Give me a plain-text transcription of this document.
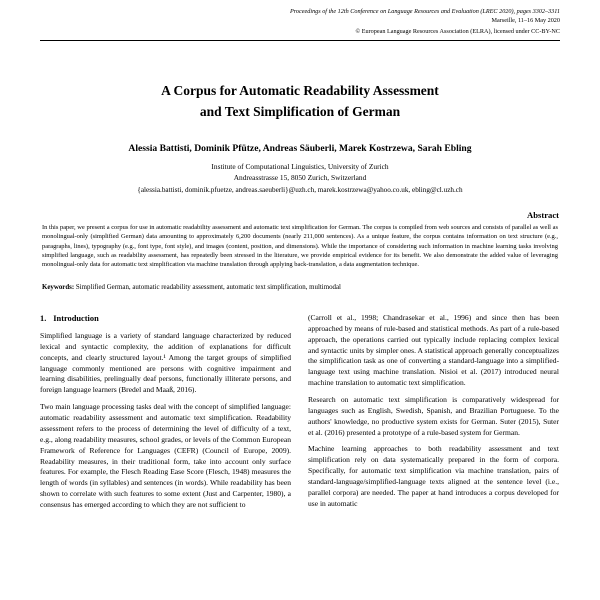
Proceedings of the 12th Conference on Language Resources and Evaluation (LREC 2020), pages 3302–3311
Marseille, 11–16 May 2020
© European Language Resources Association (ELRA), licensed under CC-BY-NC
A Corpus for Automatic Readability Assessment
and Text Simplification of German
Alessia Battisti, Dominik Pfütze, Andreas Säuberli, Marek Kostrzewa, Sarah Ebling
Institute of Computational Linguistics, University of Zurich
Andreasstrasse 15, 8050 Zurich, Switzerland
{alessia.battisti, dominik.pfuetze, andreas.saeuberli}@uzh.ch, marek.kostrzewa@yahoo.co.uk, ebling@cl.uzh.ch
Abstract
In this paper, we present a corpus for use in automatic readability assessment and automatic text simplification for German. The corpus is compiled from web sources and consists of parallel as well as monolingual-only (simplified German) data amounting to approximately 6,200 documents (nearly 211,000 sentences). As a unique feature, the corpus contains information on text structure (e.g., paragraphs, lines), typography (e.g., font type, font style), and images (content, position, and dimensions). While the importance of considering such information in machine learning tasks involving simplified language, such as readability assessment, has repeatedly been stressed in the literature, we provide empirical evidence for its benefit. We also demonstrate the added value of leveraging monolingual-only data for automatic text simplification via machine translation through applying back-translation, a data augmentation technique.
Keywords: Simplified German, automatic readability assessment, automatic text simplification, multimodal
1. Introduction

Simplified language is a variety of standard language characterized by reduced lexical and syntactic complexity, the addition of explanations for difficult concepts, and clearly structured layout.¹ Among the target groups of simplified language commonly mentioned are persons with cognitive impairment and learning disabilities, prelingually deaf persons, functionally illiterate persons, and foreign language learners (Bredel and Maaß, 2016).

Two main language processing tasks deal with the concept of simplified language: automatic readability assessment and automatic text simplification. Readability assessment refers to the process of determining the level of difficulty of a text, e.g., along readability measures, school grades, or levels of the Common European Framework of Reference for Languages (CEFR) (Council of Europe, 2009). Readability measures, in their traditional form, take into account only surface features. For example, the Flesch Reading Ease Score (Flesch, 1948) measures the length of words (in syllables) and sentences (in words). While readability has been shown to correlate with such features to some extent (Just and Carpenter, 1980), a consensus has emerged according to which they are not sufficient to

(Carroll et al., 1998; Chandrasekar et al., 1996) and since then has been approached by means of rule-based and statistical methods. As part of a rule-based approach, the operations carried out typically include replacing complex lexical and syntactic units by simpler ones. A statistical approach generally conceptualizes the simplification task as one of converting a standard-language into a simplified-language text using machine translation. Nisioi et al. (2017) introduced neural machine translation to automatic text simplification.

Research on automatic text simplification is comparatively widespread for languages such as English, Swedish, Spanish, and Brazilian Portuguese. To the authors' knowledge, no productive system exists for German. Suter (2015), Suter et al. (2016) presented a prototype of a rule-based system for German.

Machine learning approaches to both readability assessment and text simplification rely on data systematically prepared in the form of corpora. Specifically, for automatic text simplification via machine translation, pairs of standard-language/simplified-language texts aligned at the sentence level (i.e., parallel corpora) are needed. The paper at hand introduces a corpus developed for use in automatic
